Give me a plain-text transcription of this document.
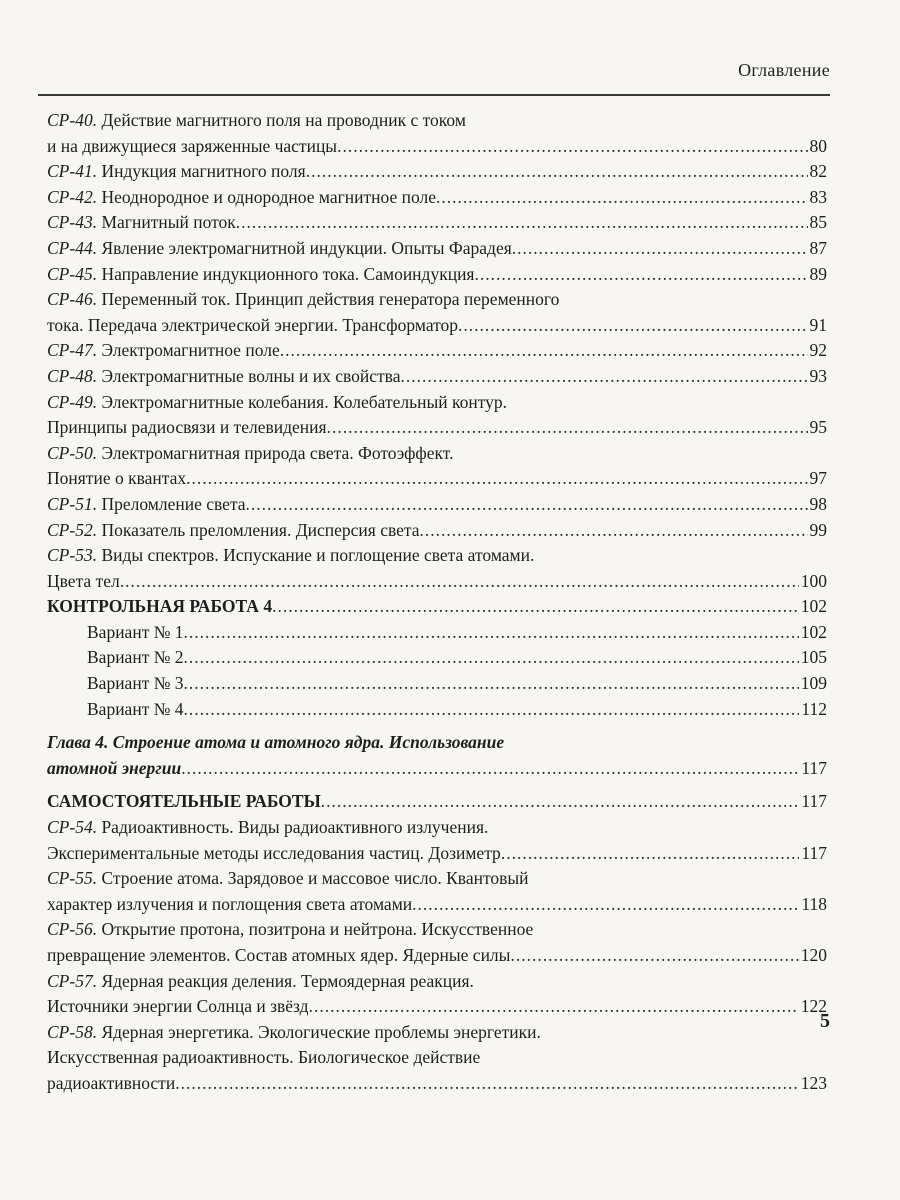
Оглавление
СР-40. Действие магнитного поля на проводник с током
и на движущиеся заряженные частицы .....	80
СР-41. Индукция магнитного поля .....	82
СР-42. Неоднородное и однородное магнитное поле .....	83
СР-43. Магнитный поток .....	85
СР-44. Явление электромагнитной индукции. Опыты Фарадея .....	87
СР-45. Направление индукционного тока. Самоиндукция .....	89
СР-46. Переменный ток. Принцип действия генератора переменного
тока. Передача электрической энергии. Трансформатор .....	91
СР-47. Электромагнитное поле .....	92
СР-48. Электромагнитные волны и их свойства .....	93
СР-49. Электромагнитные колебания. Колебательный контур.
Принципы радиосвязи и телевидения .....	95
СР-50. Электромагнитная природа света. Фотоэффект.
Понятие о квантах .....	97
СР-51. Преломление света .....	98
СР-52. Показатель преломления. Дисперсия света .....	99
СР-53. Виды спектров. Испускание и поглощение света атомами.
Цвета тел .....	100
КОНТРОЛЬНАЯ РАБОТА 4 .....	102
Вариант № 1 .....	102
Вариант № 2 .....	105
Вариант № 3 .....	109
Вариант № 4 .....	112
Глава 4. Строение атома и атомного ядра. Использование
атомной энергии .....	117
САМОСТОЯТЕЛЬНЫЕ РАБОТЫ .....	117
СР-54. Радиоактивность. Виды радиоактивного излучения.
Экспериментальные методы исследования частиц. Дозиметр .....	117
СР-55. Строение атома. Зарядовое и массовое число. Квантовый
характер излучения и поглощения света атомами .....	118
СР-56. Открытие протона, позитрона и нейтрона. Искусственное
превращение элементов. Состав атомных ядер. Ядерные силы .....	120
СР-57. Ядерная реакция деления. Термоядерная реакция.
Источники энергии Солнца и звёзд .....	122
СР-58. Ядерная энергетика. Экологические проблемы энергетики.
Искусственная радиоактивность. Биологическое действие
радиоактивности .....	123
5
